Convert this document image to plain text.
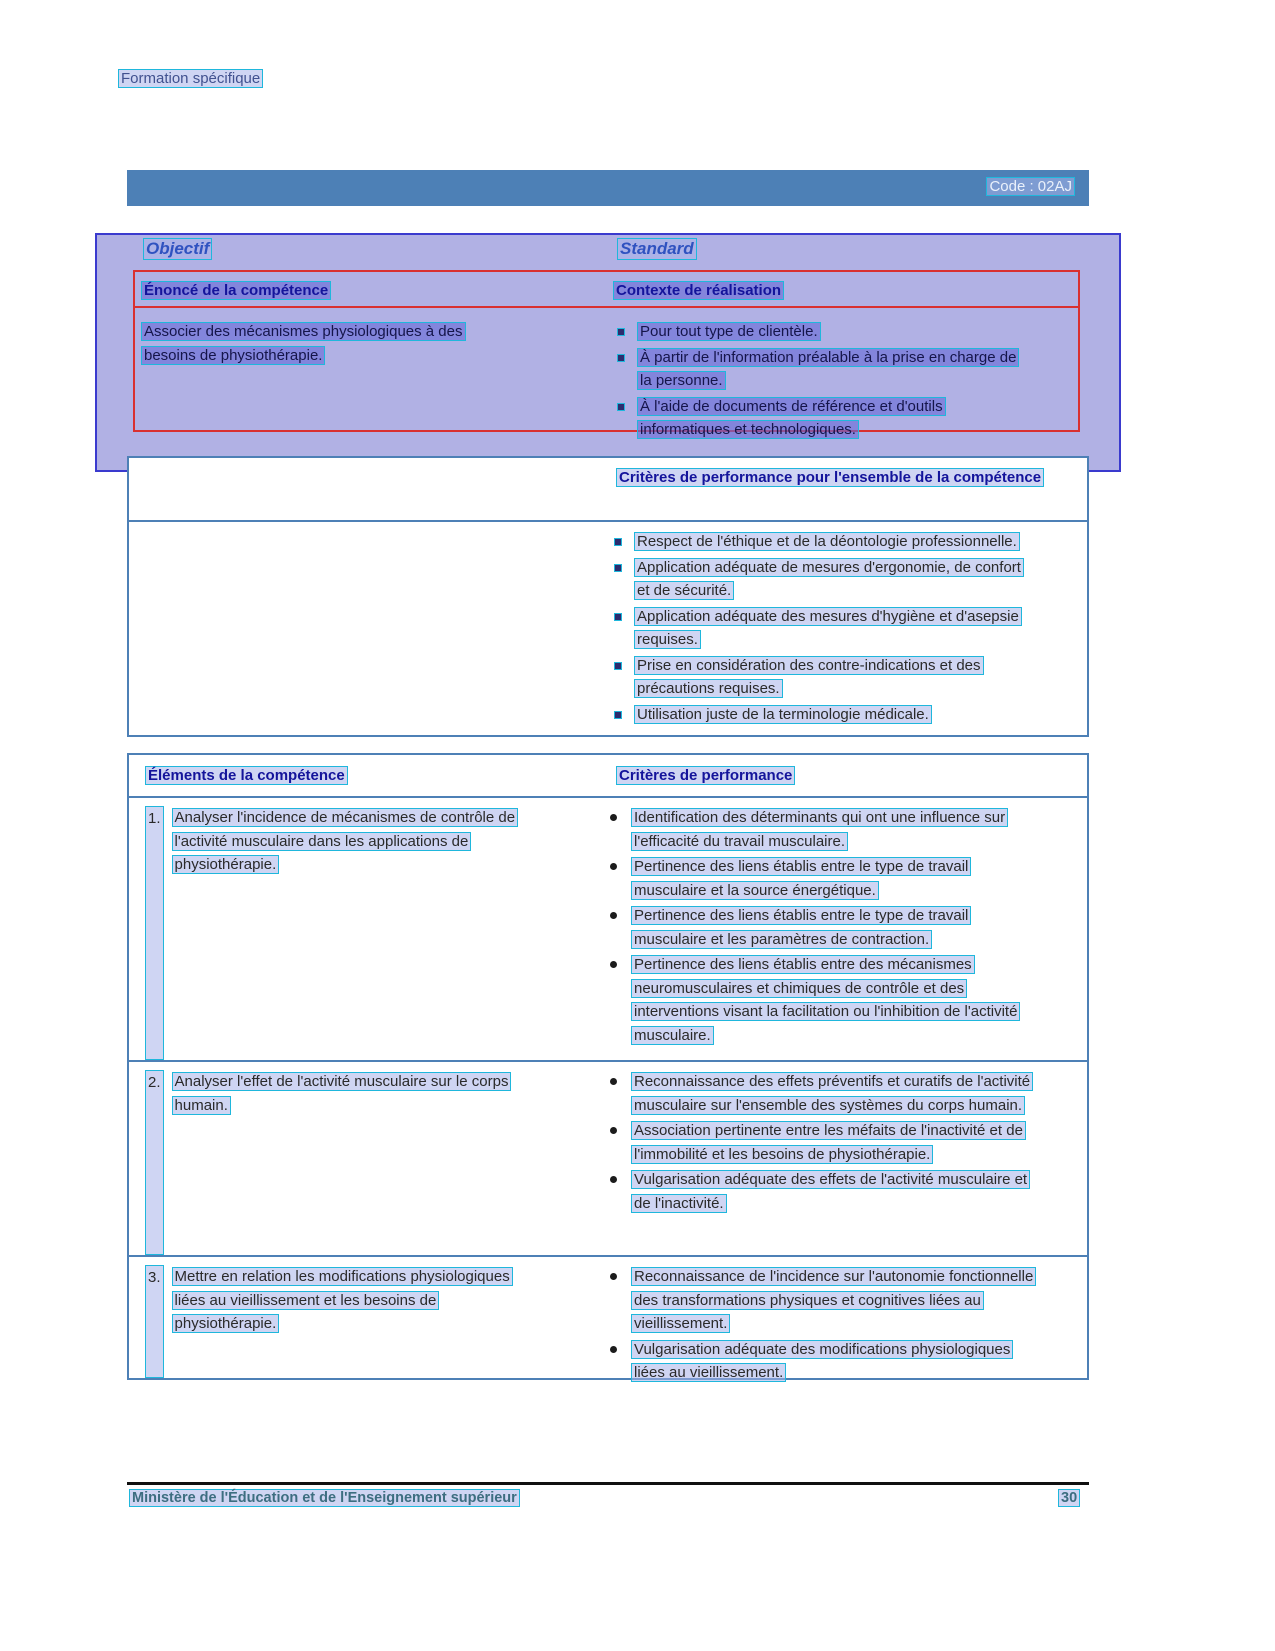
Formation spécifique
Code : 02AJ
Objectif	Standard
Énoncé de la compétence	Contexte de réalisation
Associer des mécanismes physiologiques à des besoins de physiothérapie.
Pour tout type de clientèle.
À partir de l'information préalable à la prise en charge de la personne.
À l'aide de documents de référence et d'outils informatiques et technologiques.
Critères de performance pour l'ensemble de la compétence
Respect de l'éthique et de la déontologie professionnelle.
Application adéquate de mesures d'ergonomie, de confort et de sécurité.
Application adéquate des mesures d'hygiène et d'asepsie requises.
Prise en considération des contre-indications et des précautions requises.
Utilisation juste de la terminologie médicale.
Éléments de la compétence	Critères de performance
1. Analyser l'incidence de mécanismes de contrôle de l'activité musculaire dans les applications de physiothérapie.
Identification des déterminants qui ont une influence sur l'efficacité du travail musculaire.
Pertinence des liens établis entre le type de travail musculaire et la source énergétique.
Pertinence des liens établis entre le type de travail musculaire et les paramètres de contraction.
Pertinence des liens établis entre des mécanismes neuromusculaires et chimiques de contrôle et des interventions visant la facilitation ou l'inhibition de l'activité musculaire.
2. Analyser l'effet de l'activité musculaire sur le corps humain.
Reconnaissance des effets préventifs et curatifs de l'activité musculaire sur l'ensemble des systèmes du corps humain.
Association pertinente entre les méfaits de l'inactivité et de l'immobilité et les besoins de physiothérapie.
Vulgarisation adéquate des effets de l'activité musculaire et de l'inactivité.
3. Mettre en relation les modifications physiologiques liées au vieillissement et les besoins de physiothérapie.
Reconnaissance de l'incidence sur l'autonomie fonctionnelle des transformations physiques et cognitives liées au vieillissement.
Vulgarisation adéquate des modifications physiologiques liées au vieillissement.
Ministère de l'Éducation et de l'Enseignement supérieur	30
